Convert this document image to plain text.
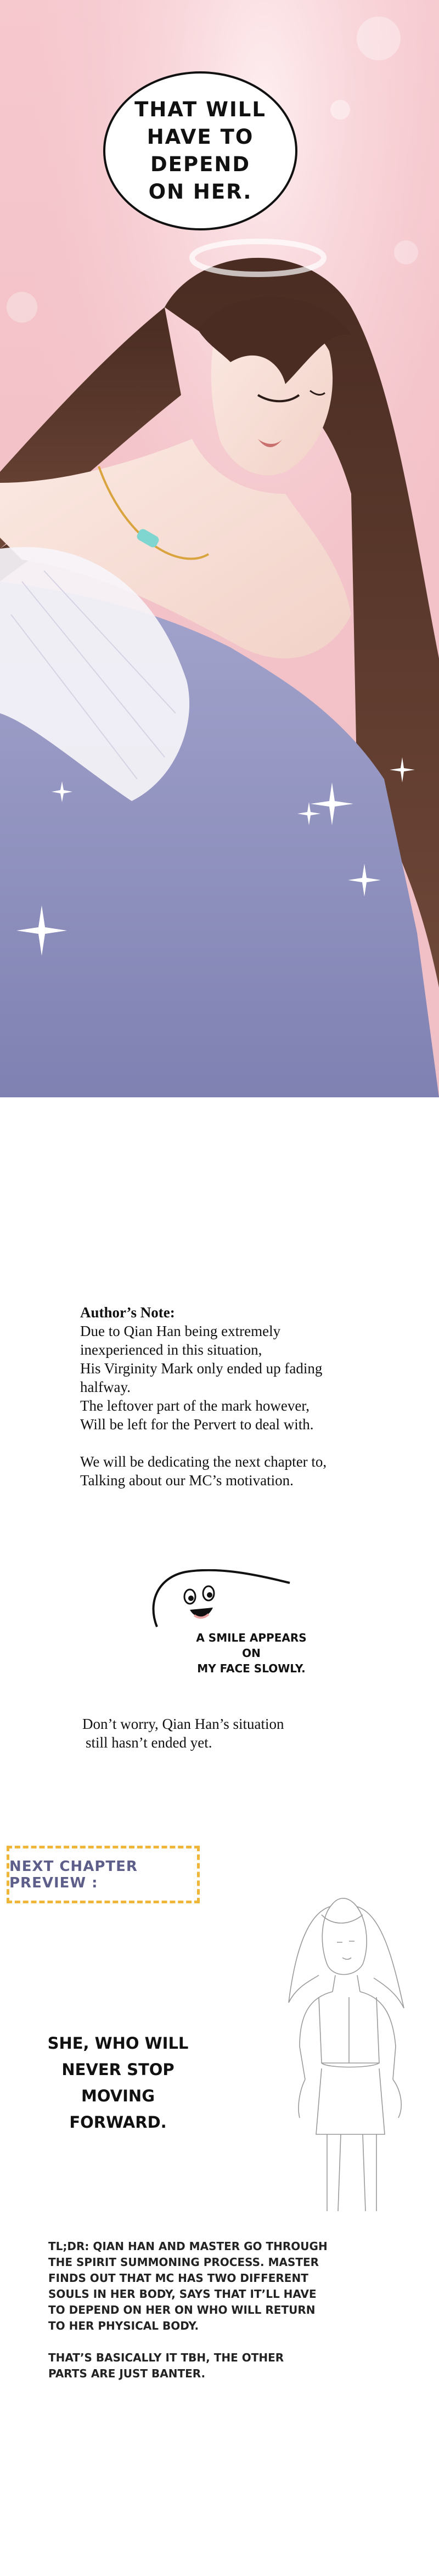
THAT WILL HAVE TO DEPEND ON HER.
Author’s Note:
Due to Qian Han being extremely
inexperienced in this situation,
His Virginity Mark only ended up fading
halfway.
The leftover part of the mark however,
Will be left for the Pervert to deal with.
We will be dedicating the next chapter to,
Talking about our MC’s motivation.
A SMILE APPEARS ON
MY FACE SLOWLY.
Don’t worry, Qian Han’s situation
still hasn’t ended yet.
NEXT CHAPTER PREVIEW :
SHE, WHO WILL
NEVER STOP MOVING
FORWARD.

TL;DR: QIAN HAN AND MASTER GO THROUGH
THE SPIRIT SUMMONING PROCESS. MASTER
FINDS OUT THAT MC HAS TWO DIFFERENT
SOULS IN HER BODY, SAYS THAT IT’LL HAVE
TO DEPEND ON HER ON WHO WILL RETURN
TO HER PHYSICAL BODY.

THAT’S BASICALLY IT TBH, THE OTHER
PARTS ARE JUST BANTER.
